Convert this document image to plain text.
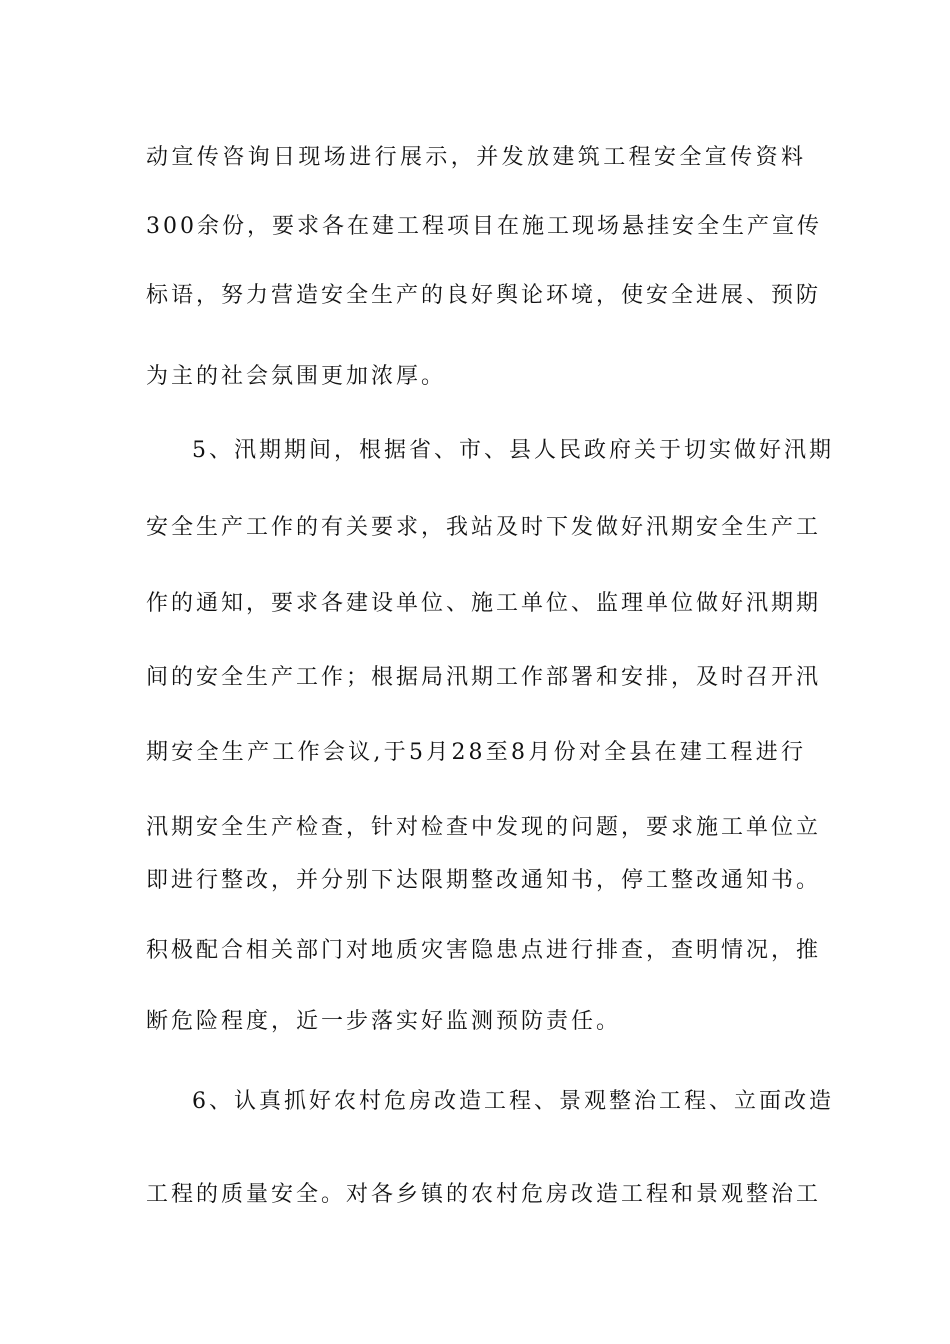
动宣传咨询日现场进行展示，并发放建筑工程安全宣传资料
300余份，要求各在建工程项目在施工现场悬挂安全生产宣传
标语，努力营造安全生产的良好舆论环境，使安全进展、预防
为主的社会氛围更加浓厚。
5、汛期期间，根据省、市、县人民政府关于切实做好汛期
安全生产工作的有关要求，我站及时下发做好汛期安全生产工
作的通知，要求各建设单位、施工单位、监理单位做好汛期期
间的安全生产工作；根据局汛期工作部署和安排，及时召开汛
期安全生产工作会议,于5月28至8月份对全县在建工程进行
汛期安全生产检查，针对检查中发现的问题，要求施工单位立
即进行整改，并分别下达限期整改通知书，停工整改通知书。
积极配合相关部门对地质灾害隐患点进行排查，查明情况，推
断危险程度，近一步落实好监测预防责任。
6、认真抓好农村危房改造工程、景观整治工程、立面改造
工程的质量安全。对各乡镇的农村危房改造工程和景观整治工
